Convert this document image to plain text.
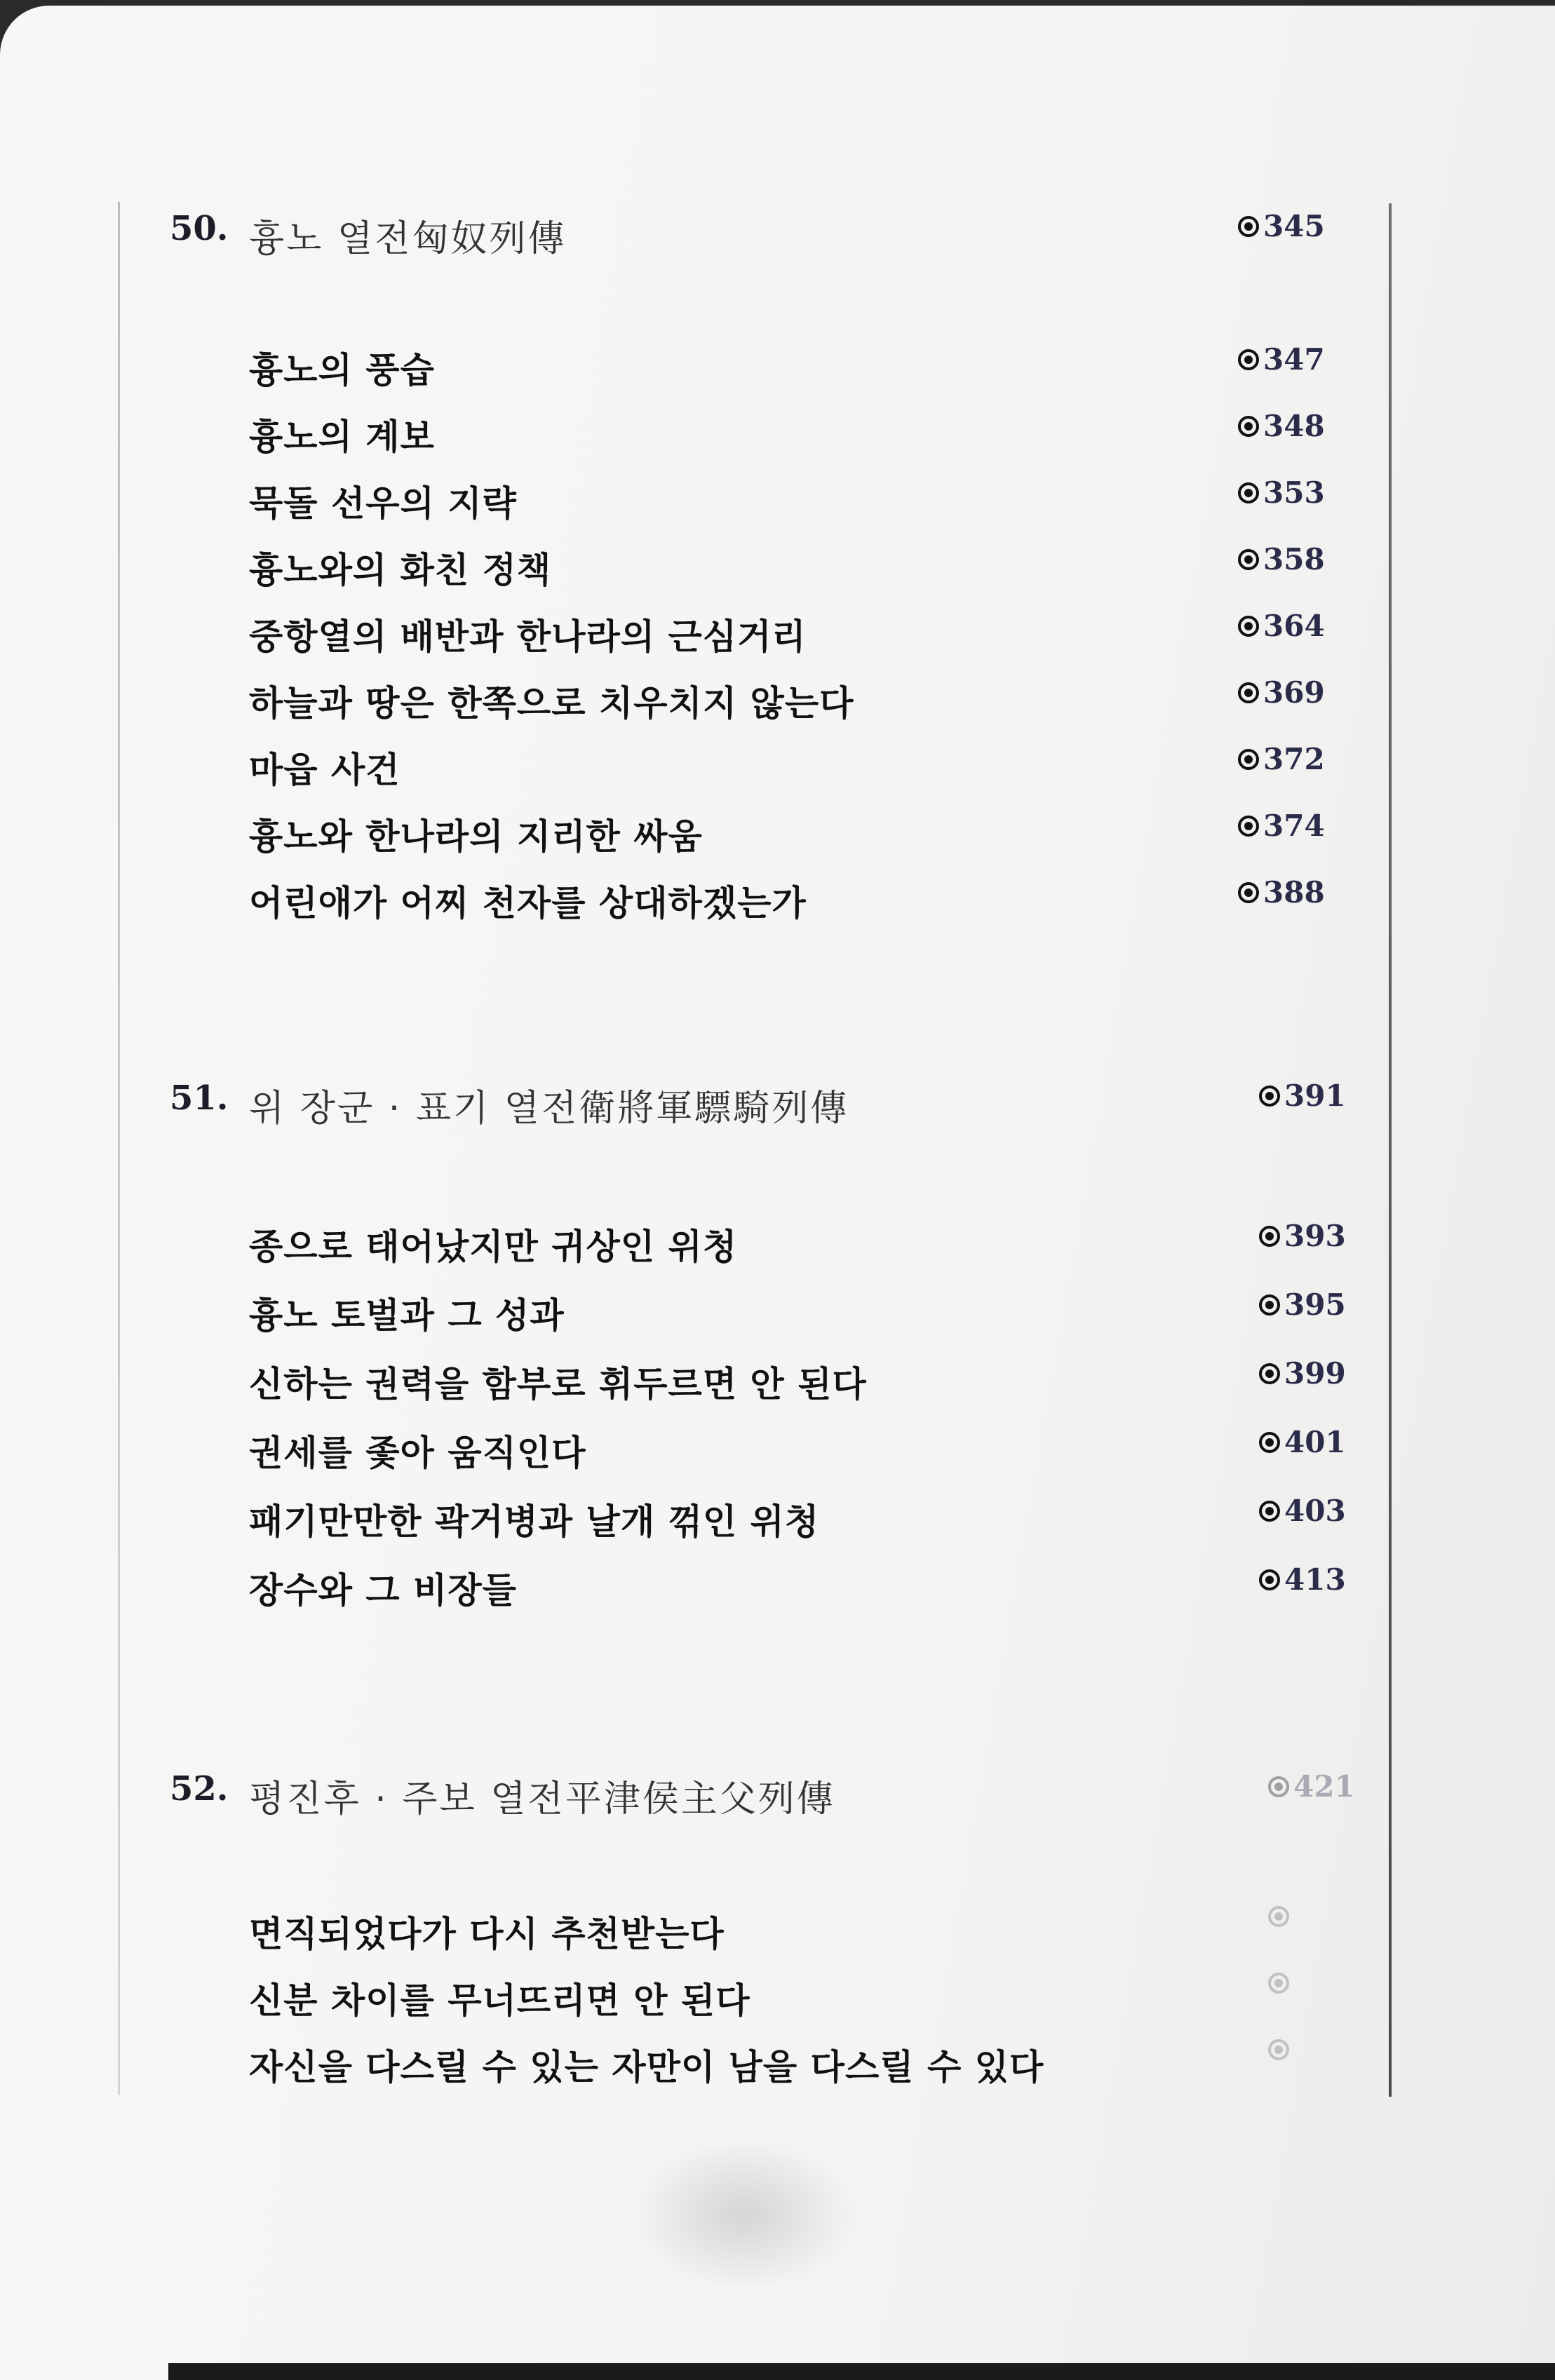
50. 흉노 열전匈奴列傳	345
흉노의 풍습	347
흉노의 계보	348
묵돌 선우의 지략	353
흉노와의 화친 정책	358
중항열의 배반과 한나라의 근심거리	364
하늘과 땅은 한쪽으로 치우치지 않는다	369
마읍 사건	372
흉노와 한나라의 지리한 싸움	374
어린애가 어찌 천자를 상대하겠는가	388
51. 위 장군 · 표기 열전衛將軍驃騎列傳	391
종으로 태어났지만 귀상인 위청	393
흉노 토벌과 그 성과	395
신하는 권력을 함부로 휘두르면 안 된다	399
권세를 좇아 움직인다	401
패기만만한 곽거병과 날개 꺾인 위청	403
장수와 그 비장들	413
52. 평진후 · 주보 열전平津侯主父列傳	421
면직되었다가 다시 추천받는다
신분 차이를 무너뜨리면 안 된다
자신을 다스릴 수 있는 자만이 남을 다스릴 수 있다
